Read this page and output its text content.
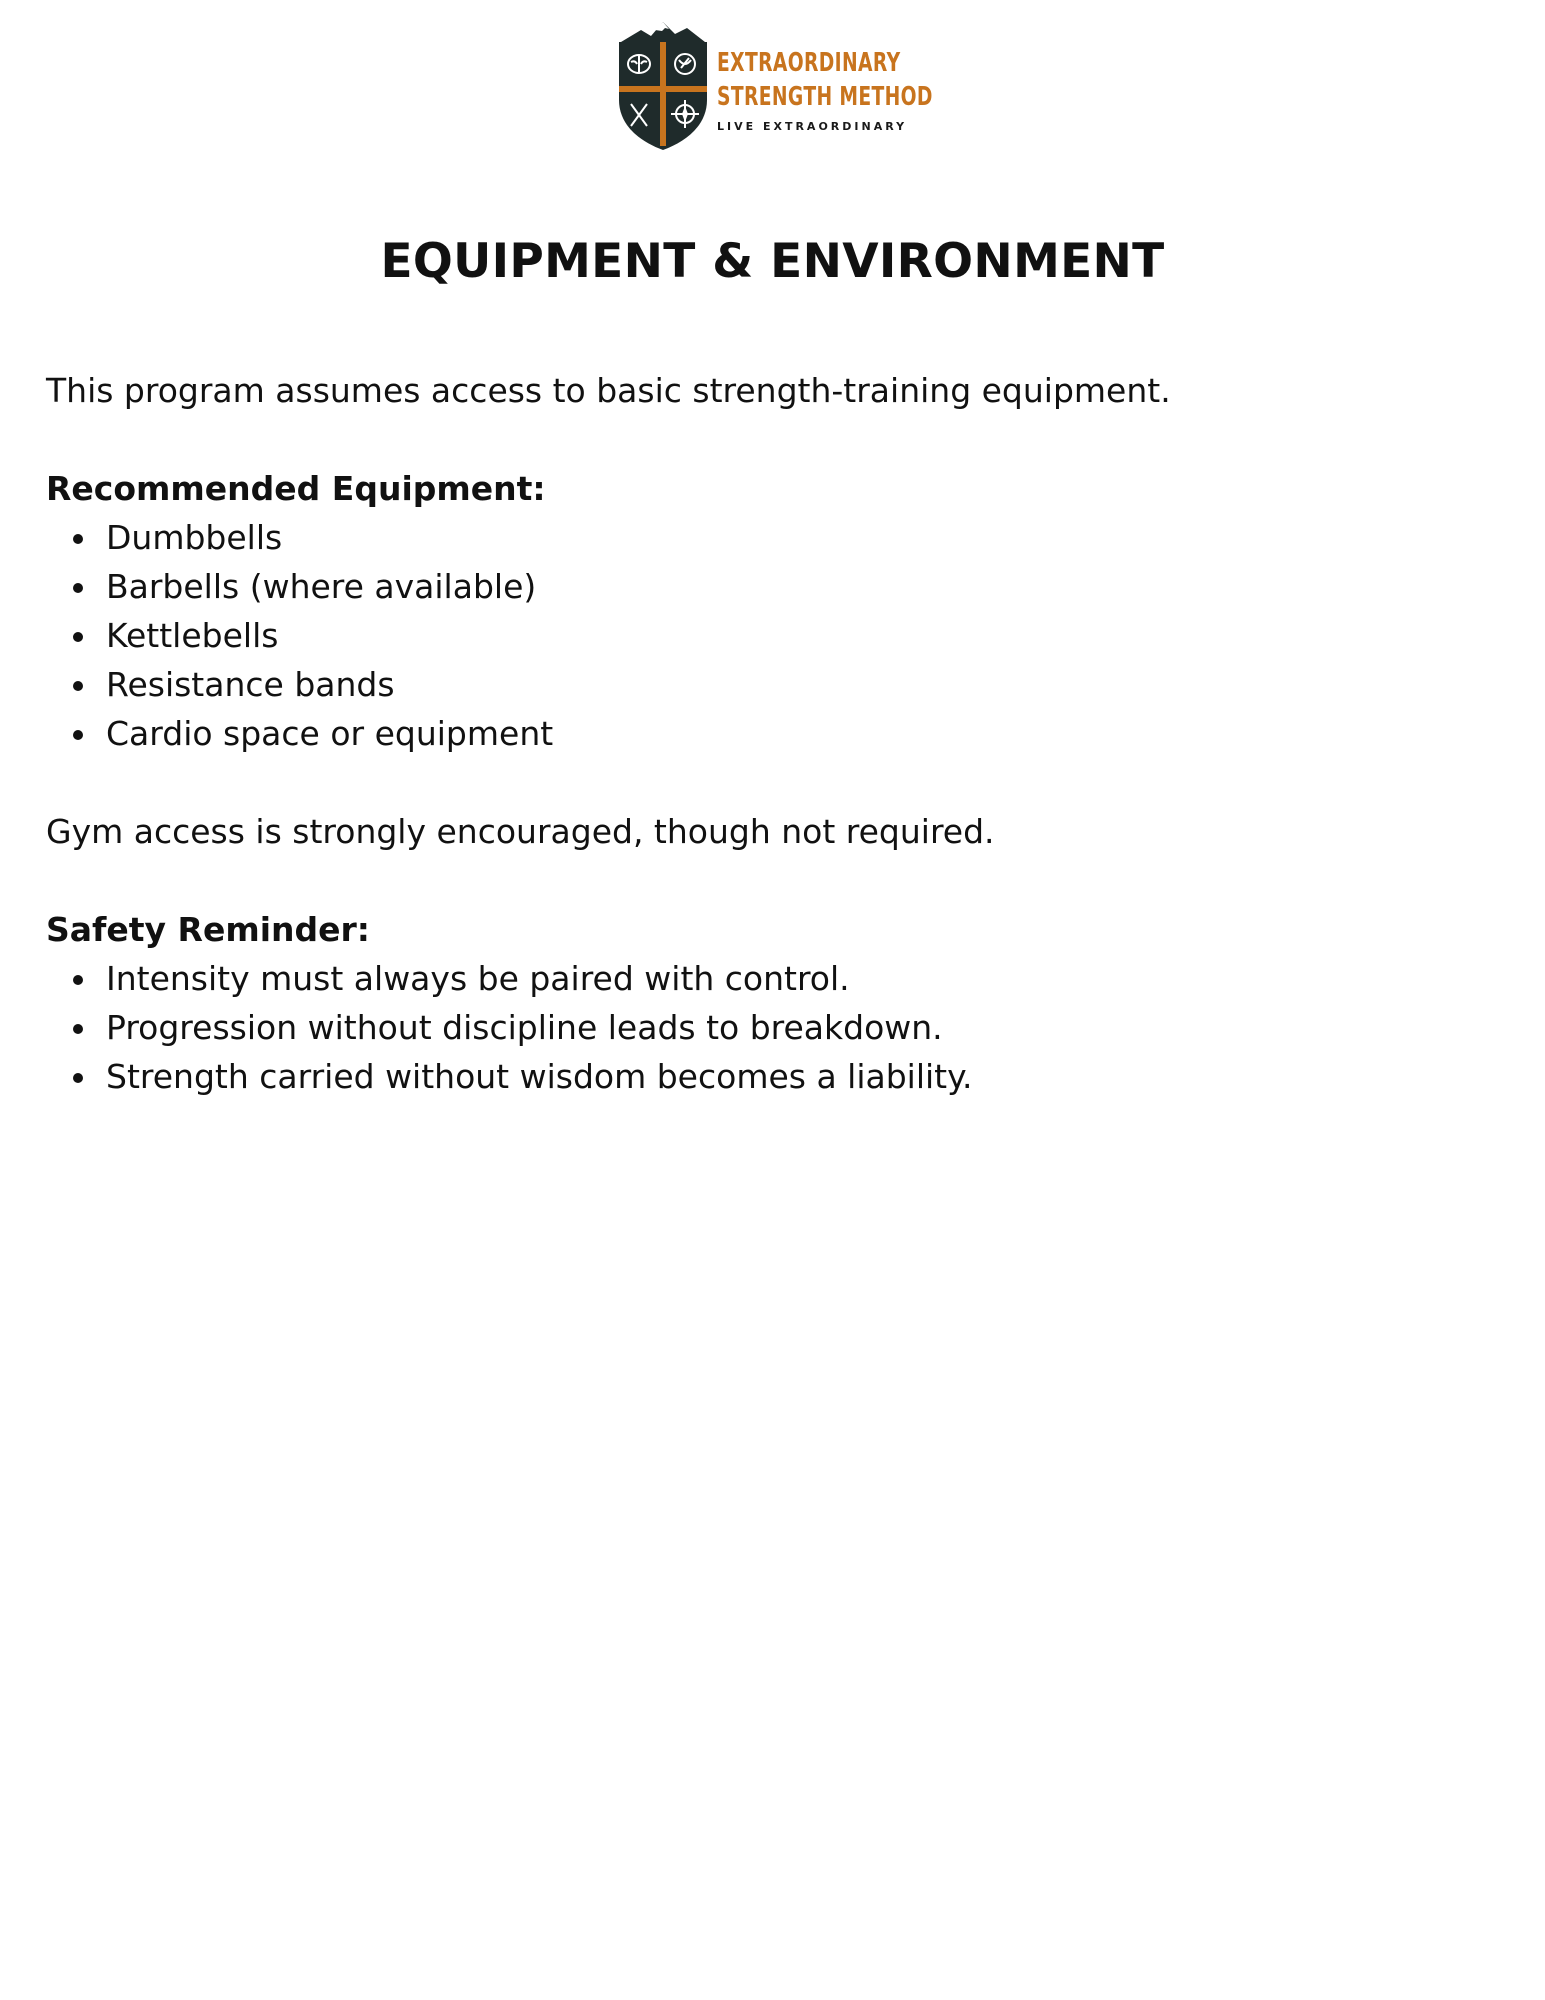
EXTRAORDINARY
STRENGTH METHOD
LIVE EXTRAORDINARY
EQUIPMENT & ENVIRONMENT

This program assumes access to basic strength-training equipment.

Recommended Equipment:
Dumbbells
Barbells (where available)
Kettlebells
Resistance bands
Cardio space or equipment

Gym access is strongly encouraged, though not required.

Safety Reminder:
Intensity must always be paired with control.
Progression without discipline leads to breakdown.
Strength carried without wisdom becomes a liability.
